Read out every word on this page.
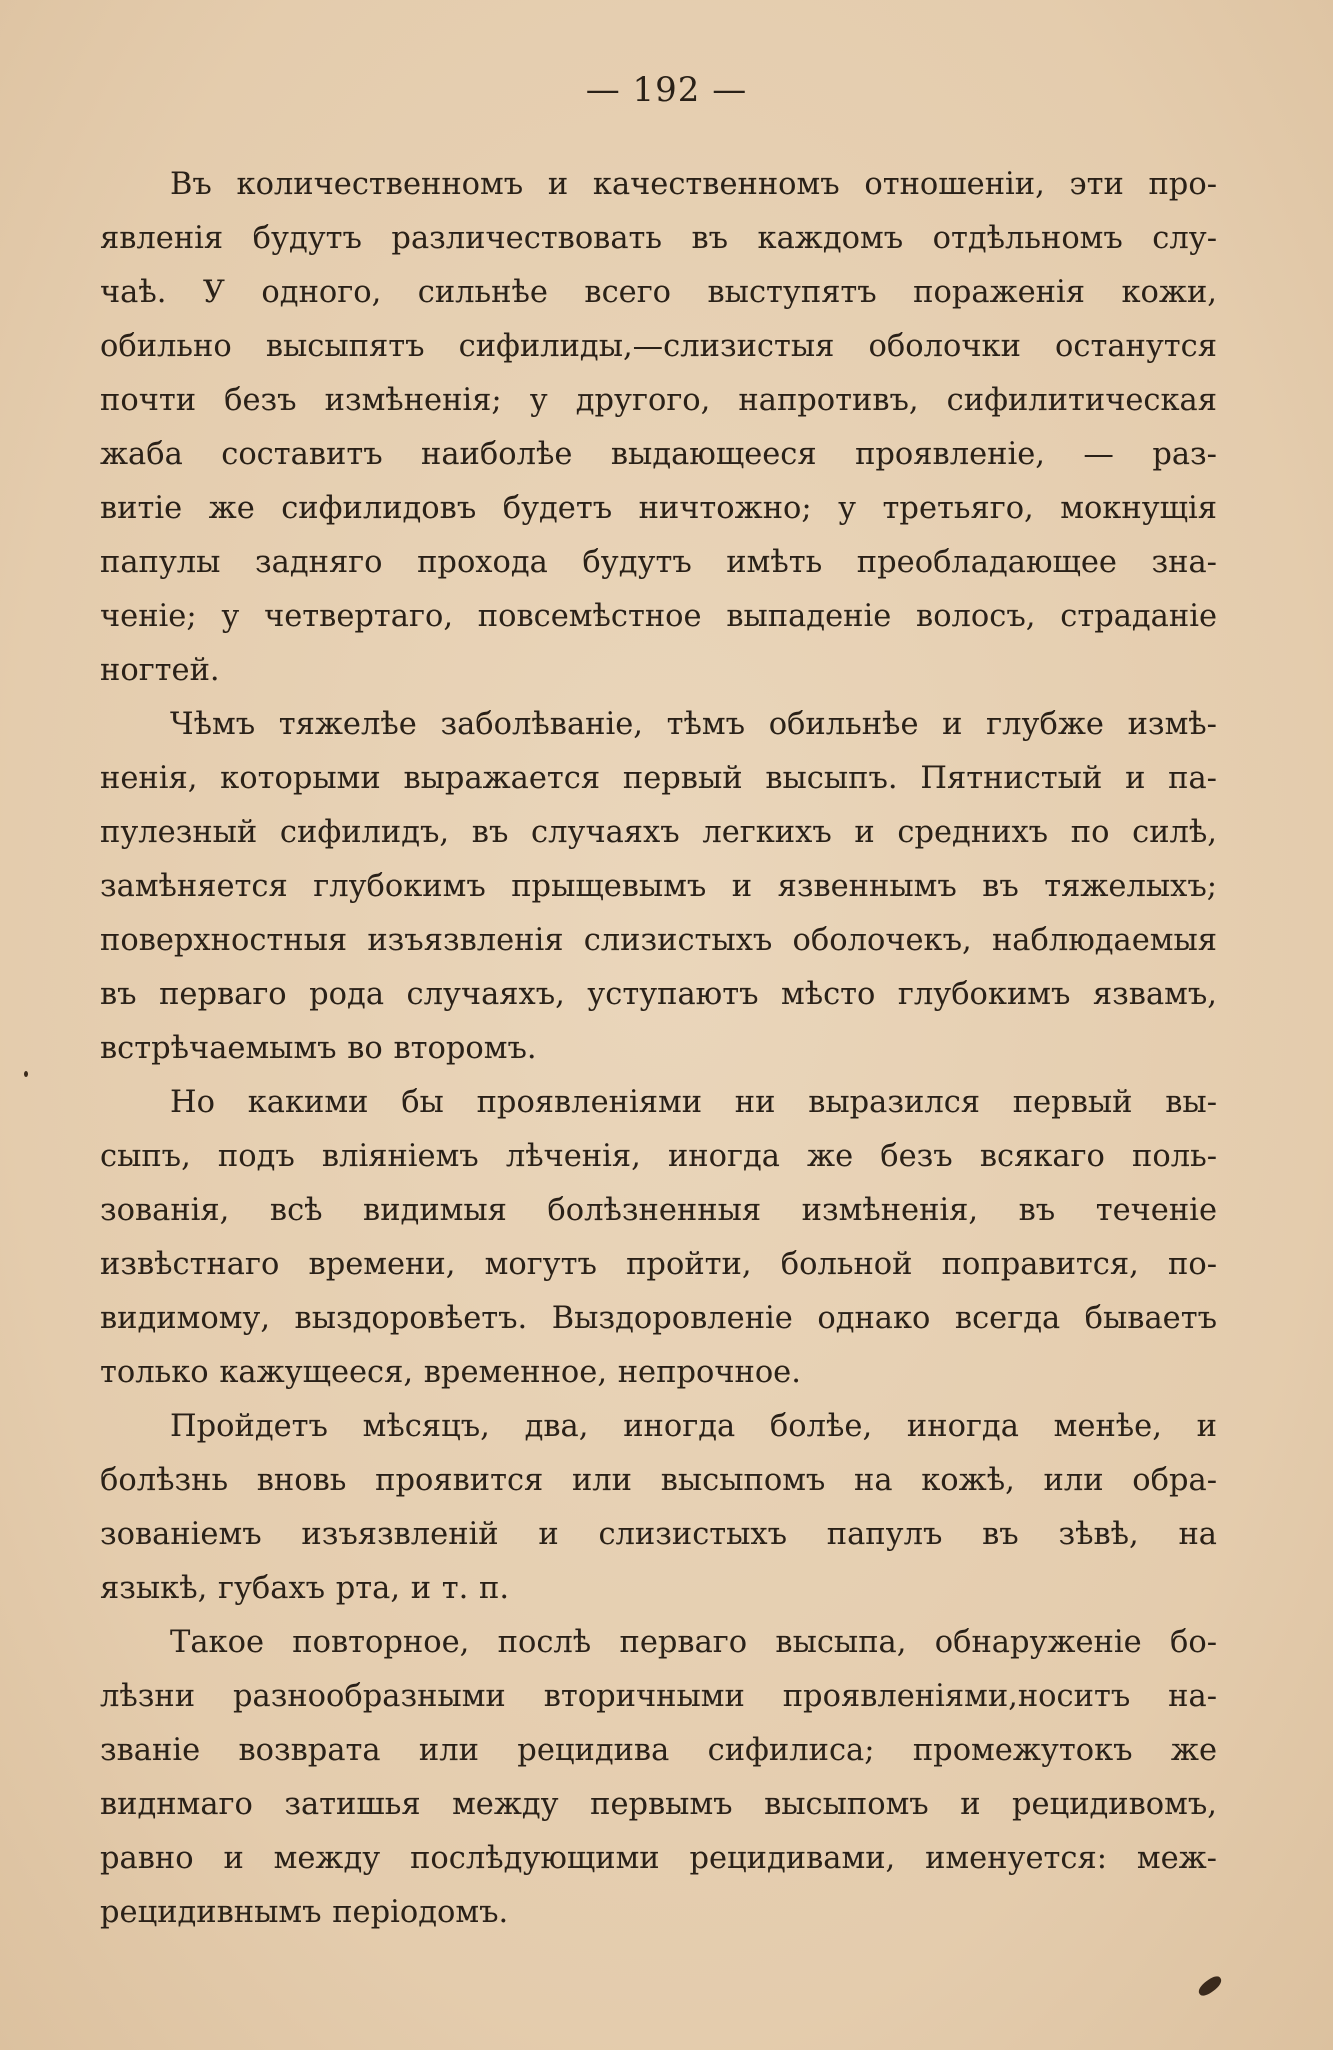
— 192 —
Въ количественномъ и качественномъ отношеніи, эти про-
явленія будутъ различествовать въ каждомъ отдѣльномъ слу-
чаѣ. У одного, сильнѣе всего выступятъ пораженія кожи,
обильно высыпятъ сифилиды,—слизистыя оболочки останутся
почти безъ измѣненія; у другого, напротивъ, сифилитическая
жаба составитъ наиболѣе выдающееся проявленіе, — раз-
витіе же сифилидовъ будетъ ничтожно; у третьяго, мокнущія
папулы задняго прохода будутъ имѣть преобладающее зна-
ченіе; у четвертаго, повсемѣстное выпаденіе волосъ, страданіе
ногтей.
Чѣмъ тяжелѣе заболѣваніе, тѣмъ обильнѣе и глубже измѣ-
ненія, которыми выражается первый высыпъ. Пятнистый и па-
пулезный сифилидъ, въ случаяхъ легкихъ и среднихъ по силѣ,
замѣняется глубокимъ прыщевымъ и язвеннымъ въ тяжелыхъ;
поверхностныя изъязвленія слизистыхъ оболочекъ, наблюдаемыя
въ перваго рода случаяхъ, уступаютъ мѣсто глубокимъ язвамъ,
встрѣчаемымъ во второмъ.
Но какими бы проявленіями ни выразился первый вы-
сыпъ, подъ вліяніемъ лѣченія, иногда же безъ всякаго поль-
зованія, всѣ видимыя болѣзненныя измѣненія, въ теченіе
извѣстнаго времени, могутъ пройти, больной поправится, по-
видимому, выздоровѣетъ. Выздоровленіе однако всегда бываетъ
только кажущееся, временное, непрочное.
Пройдетъ мѣсяцъ, два, иногда болѣе, иногда менѣе, и
болѣзнь вновь проявится или высыпомъ на кожѣ, или обра-
зованіемъ изъязвленій и слизистыхъ папулъ въ зѣвѣ, на
языкѣ, губахъ рта, и т. п.
Такое повторное, послѣ перваго высыпа, обнаруженіе бо-
лѣзни разнообразными вторичными проявленіями,носитъ на-
званіе возврата или рецидива сифилиса; промежутокъ же
виднмаго затишья между первымъ высыпомъ и рецидивомъ,
равно и между послѣдующими рецидивами, именуется: меж-
рецидивнымъ періодомъ.
